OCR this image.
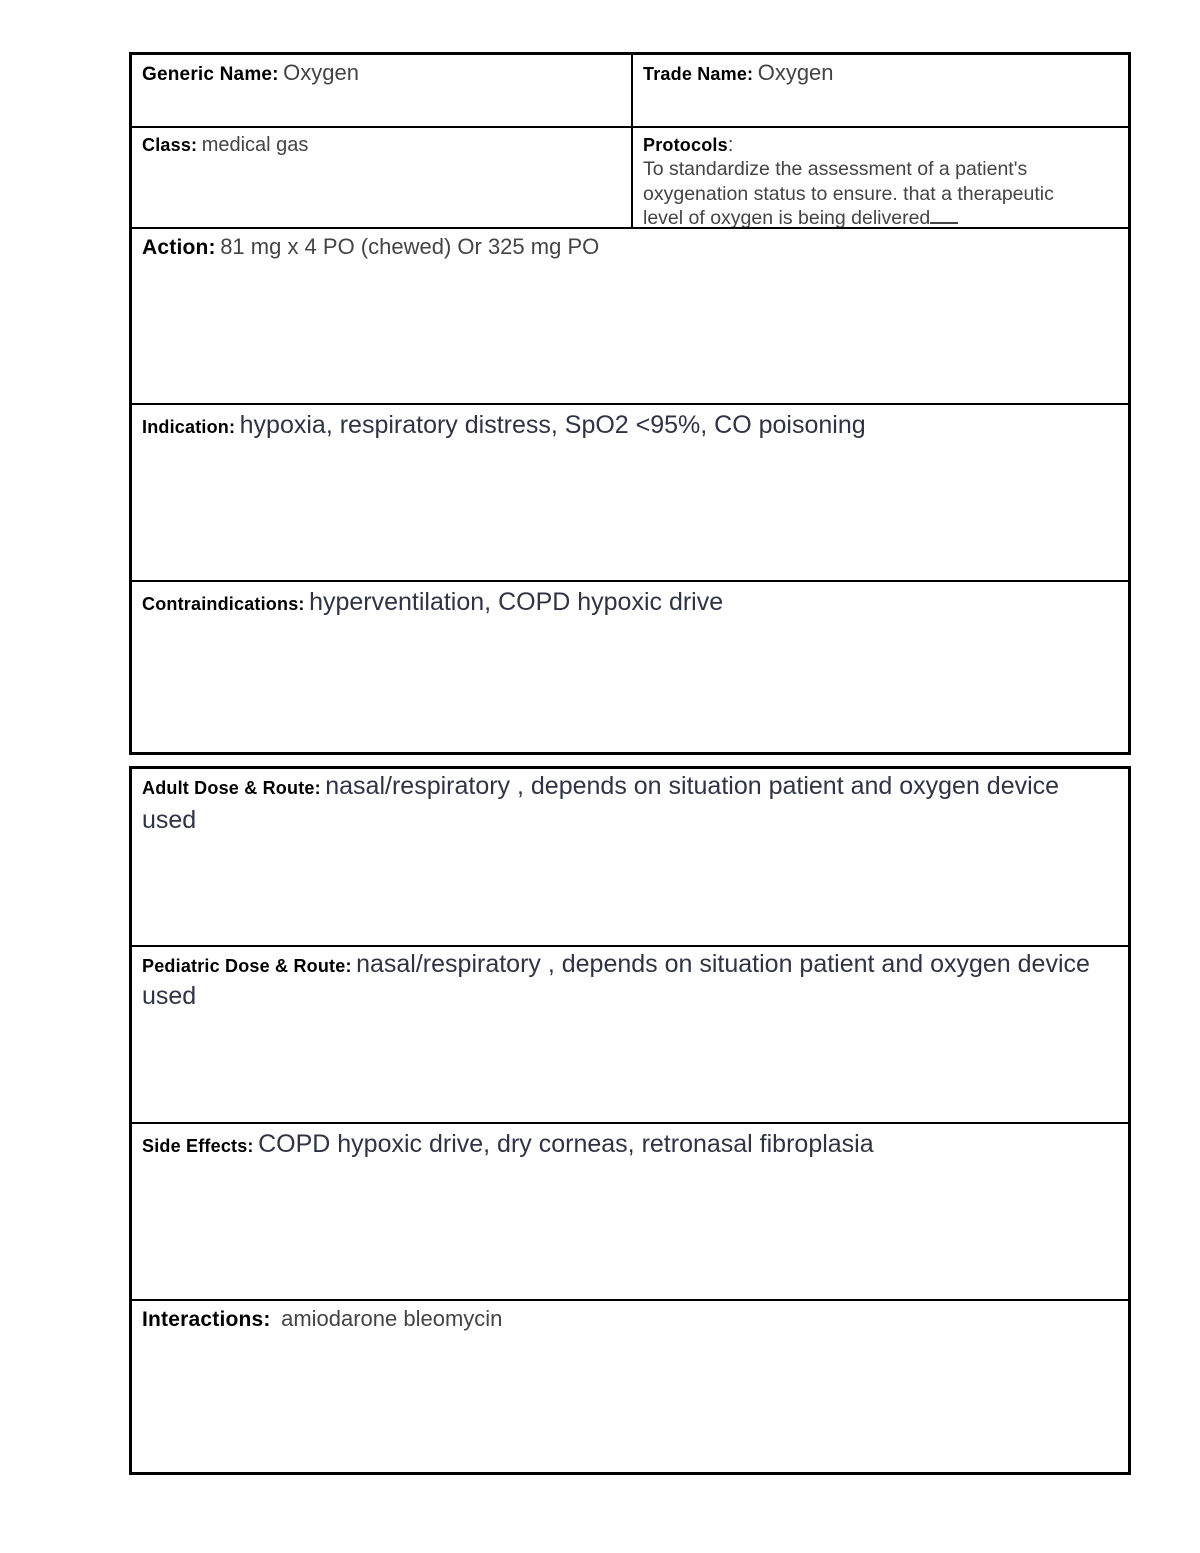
Generic Name: Oxygen	Trade Name: Oxygen
Class: medical gas	Protocols:
To standardize the assessment of a patient's
oxygenation status to ensure. that a therapeutic
level of oxygen is being delivered
Action: 81 mg x 4 PO (chewed) Or 325 mg PO
Indication: hypoxia, respiratory distress, SpO2 <95%, CO poisoning
Contraindications: hyperventilation, COPD hypoxic drive
Adult Dose & Route: nasal/respiratory , depends on situation patient and oxygen device used
Pediatric Dose & Route: nasal/respiratory , depends on situation patient and oxygen device used
Side Effects: COPD hypoxic drive, dry corneas, retronasal fibroplasia
Interactions: amiodarone bleomycin
